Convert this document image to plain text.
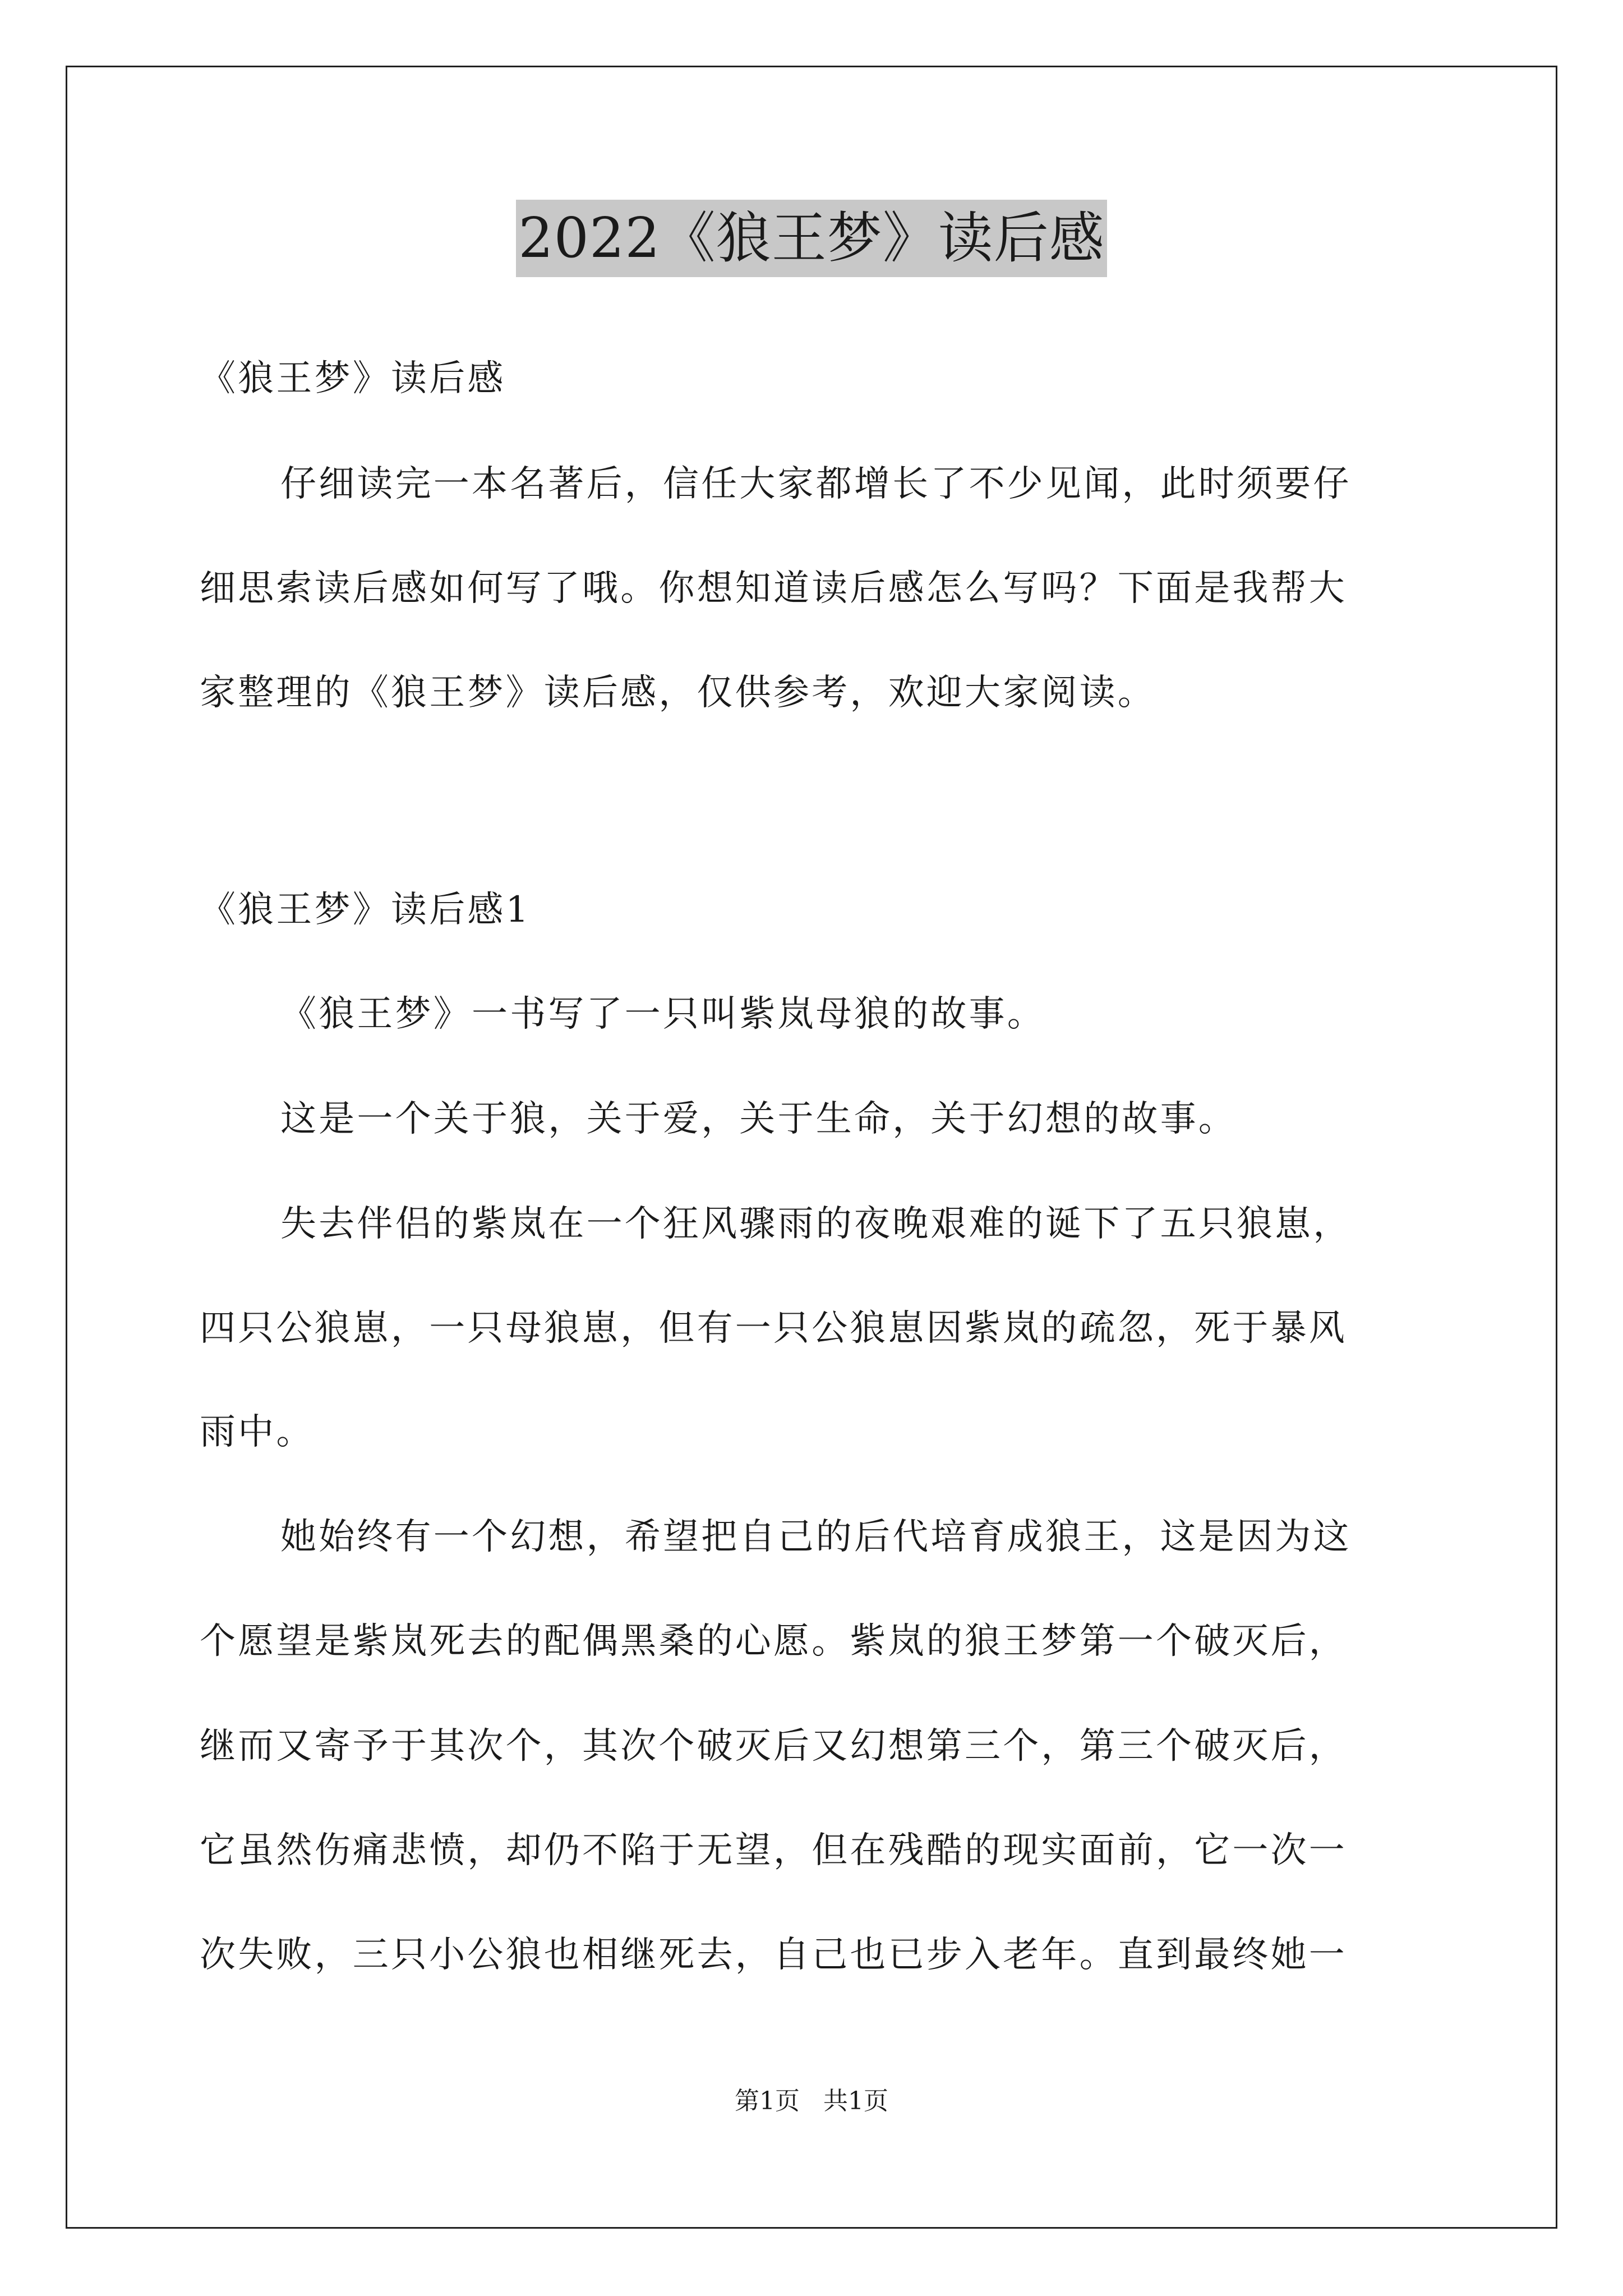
2022《狼王梦》读后感
《狼王梦》读后感
仔细读完一本名著后，信任大家都增长了不少见闻，此时须要仔
细思索读后感如何写了哦。你想知道读后感怎么写吗？下面是我帮大
家整理的《狼王梦》读后感，仅供参考，欢迎大家阅读。
《狼王梦》读后感1
《狼王梦》一书写了一只叫紫岚母狼的故事。
这是一个关于狼，关于爱，关于生命，关于幻想的故事。
失去伴侣的紫岚在一个狂风骤雨的夜晚艰难的诞下了五只狼崽，
四只公狼崽，一只母狼崽，但有一只公狼崽因紫岚的疏忽，死于暴风
雨中。
她始终有一个幻想，希望把自己的后代培育成狼王，这是因为这
个愿望是紫岚死去的配偶黑桑的心愿。紫岚的狼王梦第一个破灭后，
继而又寄予于其次个，其次个破灭后又幻想第三个，第三个破灭后，
它虽然伤痛悲愤，却仍不陷于无望，但在残酷的现实面前，它一次一
次失败，三只小公狼也相继死去，自己也已步入老年。直到最终她一
第1页 共1页
